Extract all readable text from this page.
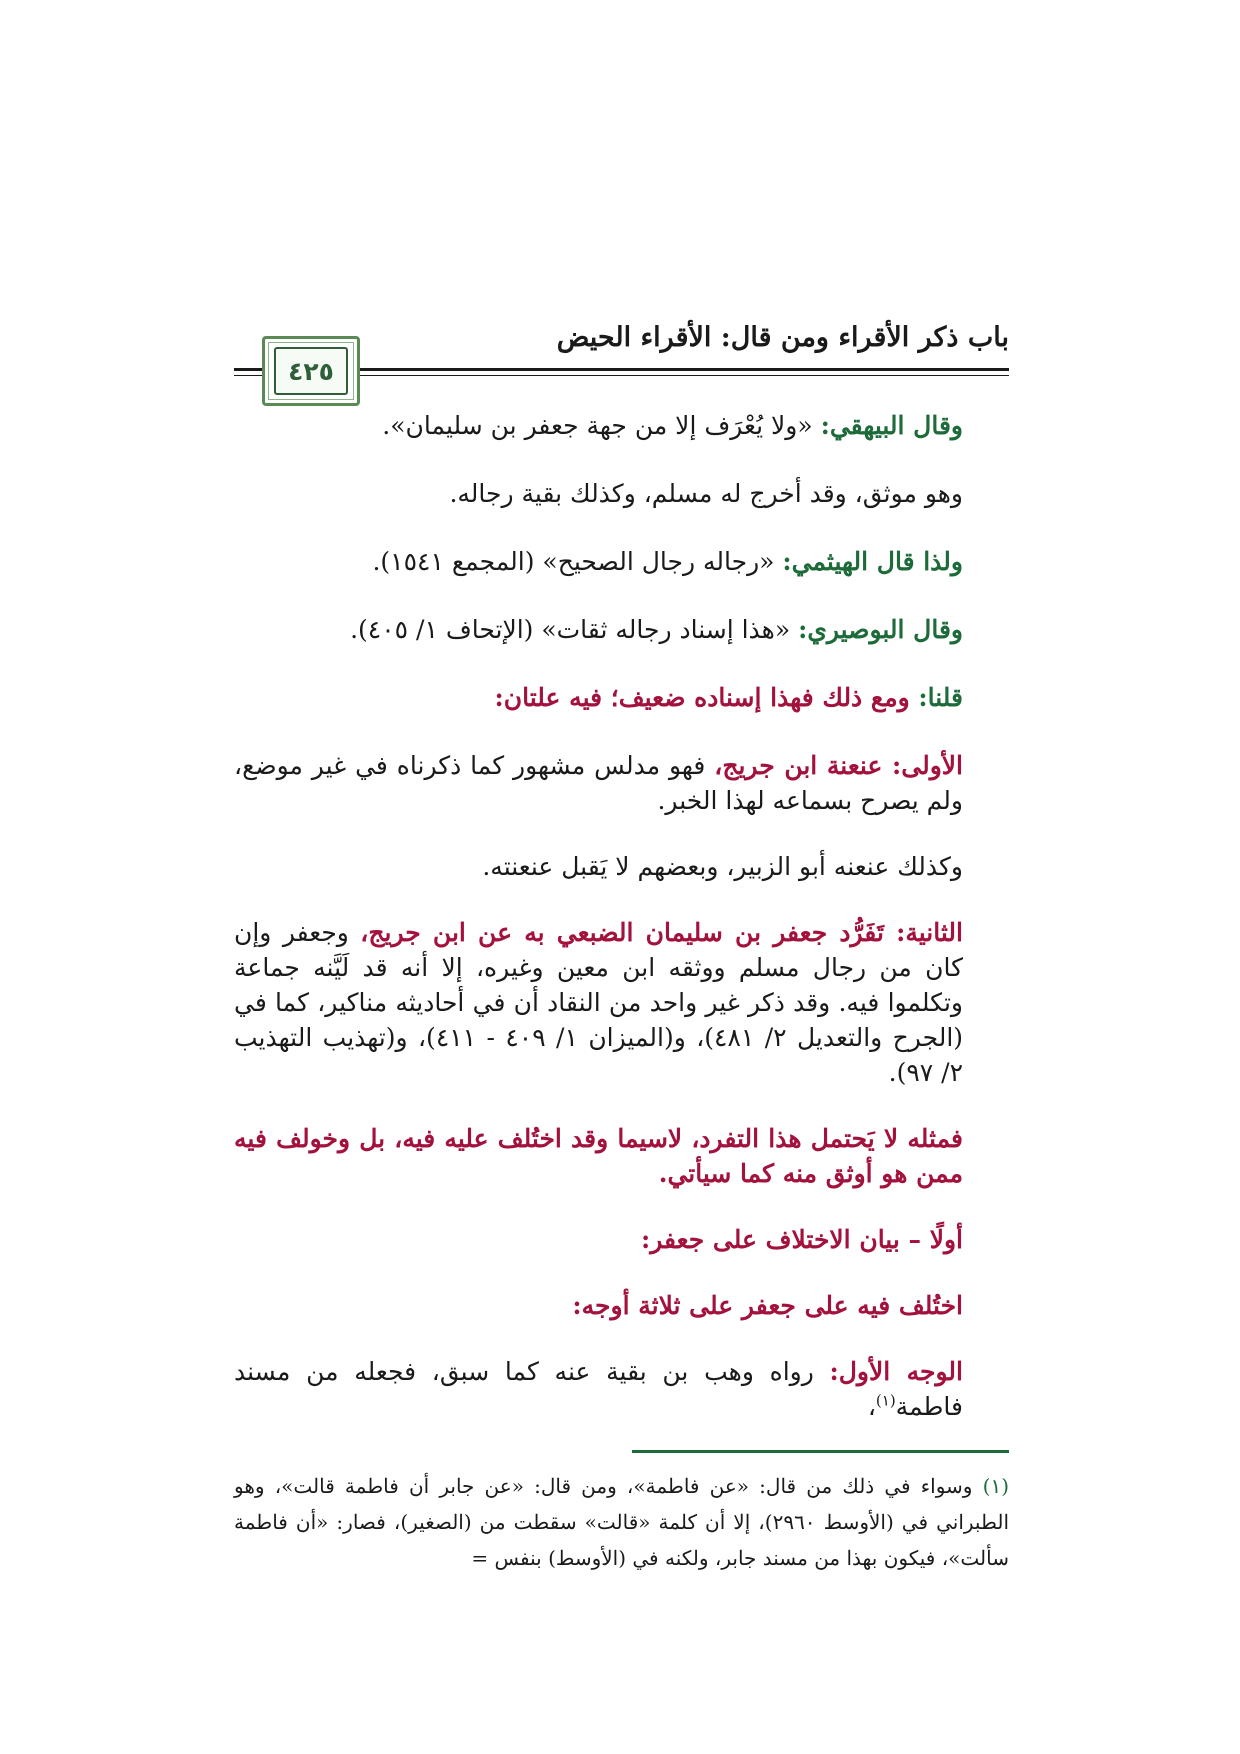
باب ذكر الأقراء ومن قال: الأقراء الحيض
٤٢٥

وقال البيهقي: «ولا يُعْرَف إلا من جهة جعفر بن سليمان».

وهو موثق، وقد أخرج له مسلم، وكذلك بقية رجاله.

ولذا قال الهيثمي: «رجاله رجال الصحيح» (المجمع ١٥٤١).

وقال البوصيري: «هذا إسناد رجاله ثقات» (الإتحاف ١/ ٤٠٥).

قلنا: ومع ذلك فهذا إسناده ضعيف؛ فيه علتان:

الأولى: عنعنة ابن جريج، فهو مدلس مشهور كما ذكرناه في غير موضع، ولم يصرح بسماعه لهذا الخبر.

وكذلك عنعنه أبو الزبير، وبعضهم لا يَقبل عنعنته.

الثانية: تَفَرُّد جعفر بن سليمان الضبعي به عن ابن جريج، وجعفر وإن كان من رجال مسلم ووثقه ابن معين وغيره، إلا أنه قد لَيَّنه جماعة وتكلموا فيه. وقد ذكر غير واحد من النقاد أن في أحاديثه مناكير، كما في (الجرح والتعديل ٢/ ٤٨١)، و(الميزان ١/ ٤٠٩ - ٤١١)، و(تهذيب التهذيب ٢/ ٩٧).

فمثله لا يَحتمل هذا التفرد، لاسيما وقد اختُلف عليه فيه، بل وخولف فيه ممن هو أوثق منه كما سيأتي.

أولًا – بيان الاختلاف على جعفر:

اختُلف فيه على جعفر على ثلاثة أوجه:

الوجه الأول: رواه وهب بن بقية عنه كما سبق، فجعله من مسند فاطمة$^{(١)}$،

(١) وسواء في ذلك من قال: «عن فاطمة»، ومن قال: «عن جابر أن فاطمة قالت»، وهو الطبراني في (الأوسط ٢٩٦٠)، إلا أن كلمة «قالت» سقطت من (الصغير)، فصار: «أن فاطمة سألت»، فيكون بهذا من مسند جابر، ولكنه في (الأوسط) بنفس =
